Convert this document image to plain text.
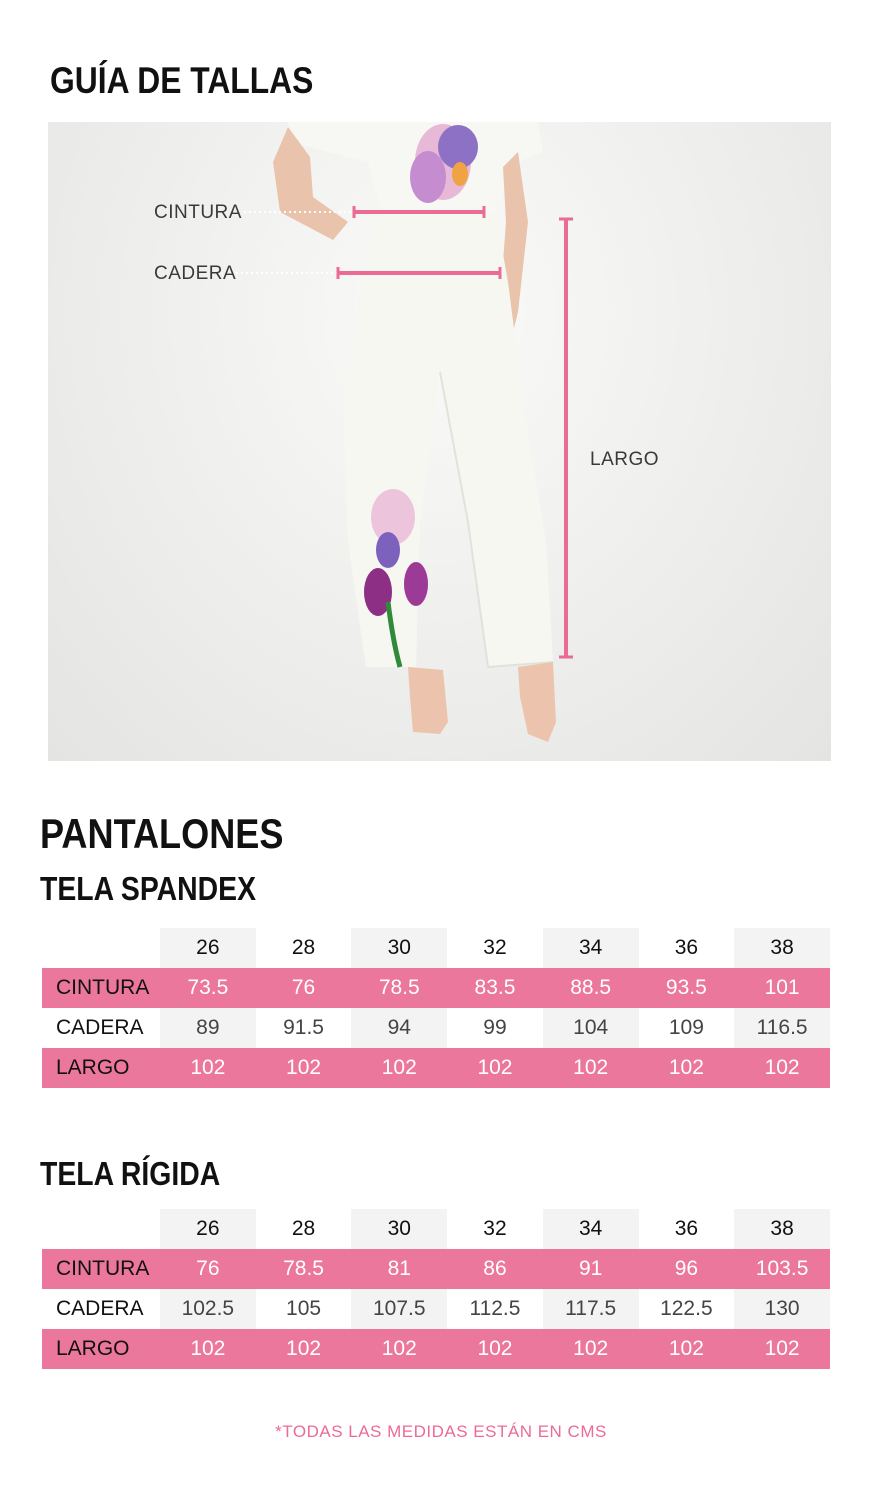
GUÍA DE TALLAS
CINTURA
CADERA
LARGO
PANTALONES
TELA SPANDEX
	26	28	30	32	34	36	38
CINTURA	73.5	76	78.5	83.5	88.5	93.5	101
CADERA	89	91.5	94	99	104	109	116.5
LARGO	102	102	102	102	102	102	102
TELA RÍGIDA
	26	28	30	32	34	36	38
CINTURA	76	78.5	81	86	91	96	103.5
CADERA	102.5	105	107.5	112.5	117.5	122.5	130
LARGO	102	102	102	102	102	102	102
*TODAS LAS MEDIDAS ESTÁN EN CMS
